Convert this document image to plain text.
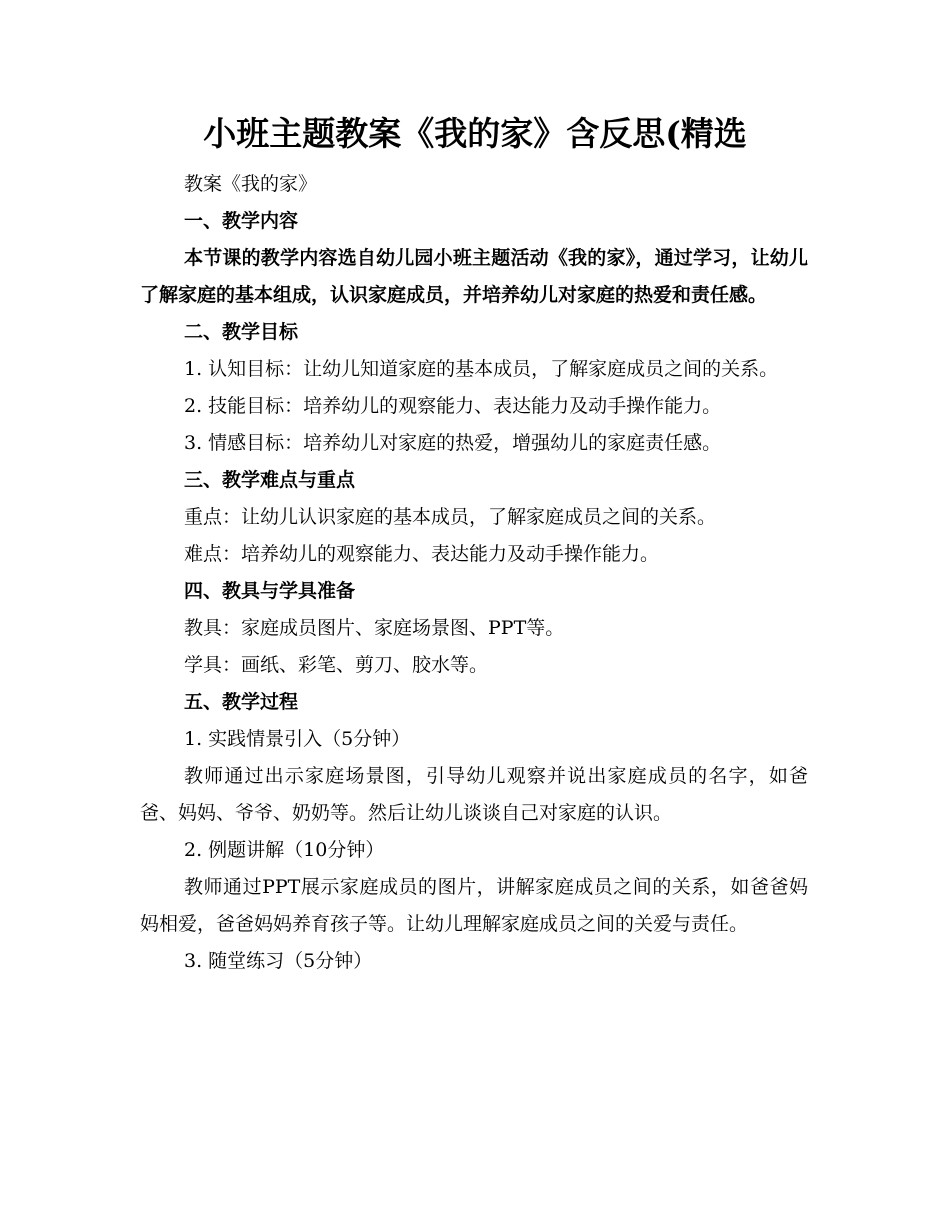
小班主题教案《我的家》含反思(精选

教案《我的家》

一、教学内容

本节课的教学内容选自幼儿园小班主题活动《我的家》，通过学习，让幼儿了解家庭的基本组成，认识家庭成员，并培养幼儿对家庭的热爱和责任感。

二、教学目标

1. 认知目标：让幼儿知道家庭的基本成员，了解家庭成员之间的关系。

2. 技能目标：培养幼儿的观察能力、表达能力及动手操作能力。

3. 情感目标：培养幼儿对家庭的热爱，增强幼儿的家庭责任感。

三、教学难点与重点

重点：让幼儿认识家庭的基本成员，了解家庭成员之间的关系。

难点：培养幼儿的观察能力、表达能力及动手操作能力。

四、教具与学具准备

教具：家庭成员图片、家庭场景图、PPT等。

学具：画纸、彩笔、剪刀、胶水等。

五、教学过程

1. 实践情景引入（5分钟）

教师通过出示家庭场景图，引导幼儿观察并说出家庭成员的名字，如爸爸、妈妈、爷爷、奶奶等。然后让幼儿谈谈自己对家庭的认识。

2. 例题讲解（10分钟）

教师通过PPT展示家庭成员的图片，讲解家庭成员之间的关系，如爸爸妈妈相爱，爸爸妈妈养育孩子等。让幼儿理解家庭成员之间的关爱与责任。

3. 随堂练习（5分钟）
